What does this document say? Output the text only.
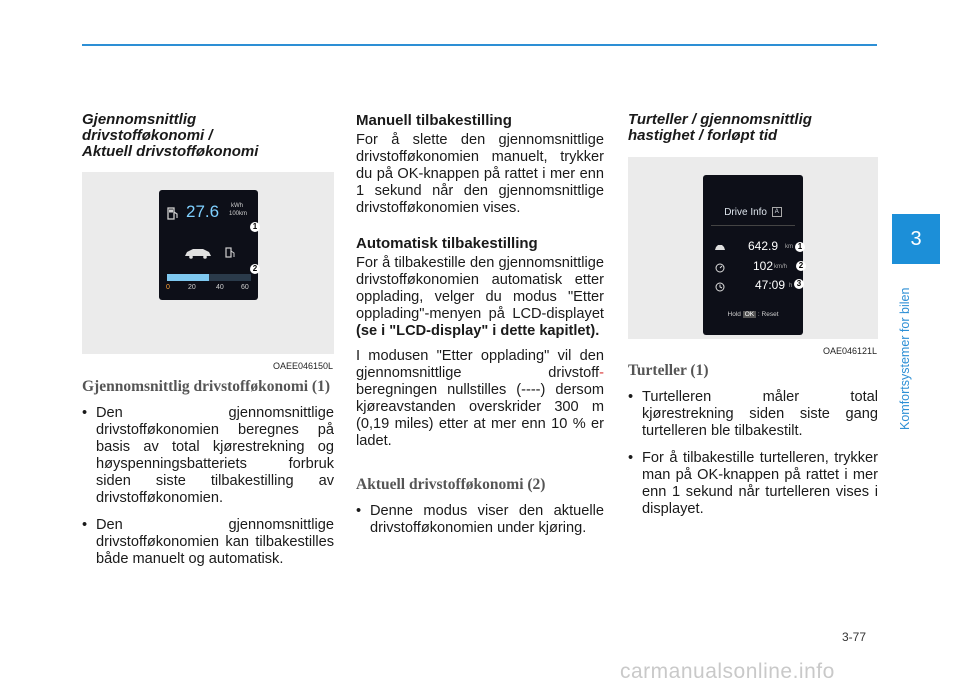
Gjennomsnittlig
drivstofføkonomi /
Aktuell drivstofføkonomi

27.6 kWh
100km
0	20	40 60
1
2
OAEE046150L

Gjennomsnittlig drivstofføkonomi (1)

• Den gjennomsnittlige drivstofføkonomien beregnes på basis av total kjørestrekning og høyspenningsbatteriets forbruk siden siste tilbakestilling av drivstofføkonomien.
• Den gjennomsnittlige drivstofføkonomien kan tilbakestilles både manuelt og automatisk.

Manuell tilbakestilling

For å slette den gjennomsnittlige drivstofføkonomien manuelt, trykker du på OK-knappen på rattet i mer enn 1 sekund når den gjennomsnittlige drivstofføkonomien vises.

Automatisk tilbakestilling

For å tilbakestille den gjennomsnittlige drivstofføkonomien automatisk etter opplading, velger du modus "Etter opplading"-menyen på LCD-displayet (se i "LCD-display" i dette kapitlet).

I modusen "Etter opplading" vil den gjennomsnittlige drivstoff- beregningen nullstilles (----) dersom kjøreavstanden overskrider 300 m (0,19 miles) etter at mer enn 10 % er ladet.

Aktuell drivstofføkonomi (2)

• Denne modus viser den aktuelle drivstofføkonomien under kjøring.

Turteller / gjennomsnittlig
hastighet / forløpt tid

Drive Info A
642.9 km
102 km/h
47:09 h
Hold OK : Reset
1
2
3
OAE046121L

Turteller (1)

• Turtelleren måler total kjørestrekning siden siste gang turtelleren ble tilbakestilt.
• For å tilbakestille turtelleren, trykker man på OK-knappen på rattet i mer enn 1 sekund når turtelleren vises i displayet.
3
Komfortsystemer for bilen
3-77
carmanualsonline.info
